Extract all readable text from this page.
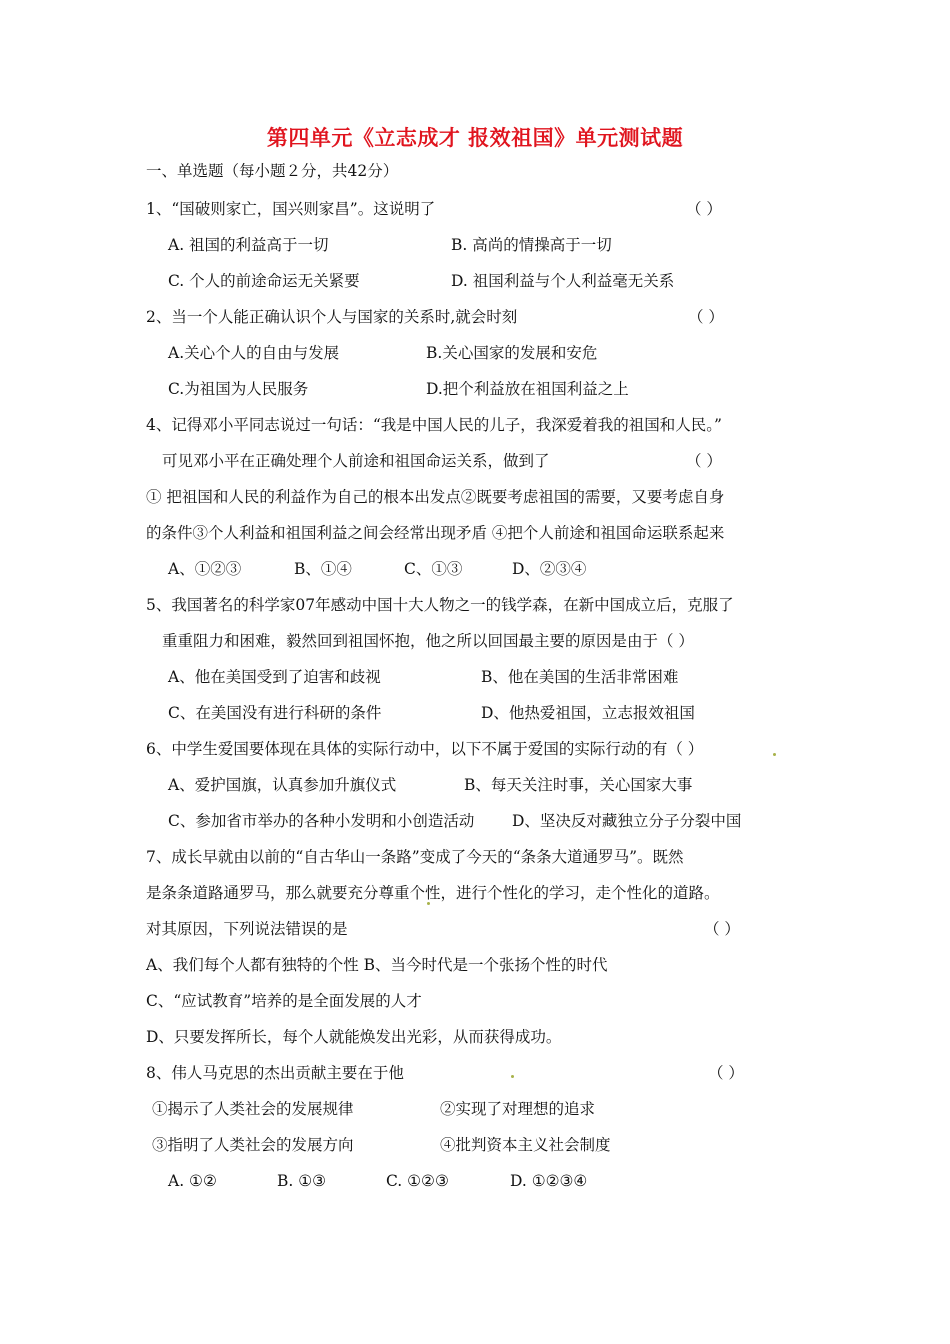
第四单元《立志成才 报效祖国》单元测试题
一、单选题（每小题２分，共42分）
1、“国破则家亡，国兴则家昌”。这说明了	（ ）
A. 祖国的利益高于一切	B. 高尚的情操高于一切
C. 个人的前途命运无关紧要	D. 祖国利益与个人利益毫无关系
2、当一个人能正确认识个人与国家的关系时,就会时刻	（ ）
A.关心个人的自由与发展	B.关心国家的发展和安危
C.为祖国为人民服务	D.把个利益放在祖国利益之上
4、记得邓小平同志说过一句话：“我是中国人民的儿子，我深爱着我的祖国和人民。”
可见邓小平在正确处理个人前途和祖国命运关系，做到了	（ ）
① 把祖国和人民的利益作为自己的根本出发点②既要考虑祖国的需要，又要考虑自身
的条件③个人利益和祖国利益之间会经常出现矛盾 ④把个人前途和祖国命运联系起来
A、①②③	B、①④	C、①③	D、②③④
5、我国著名的科学家07年感动中国十大人物之一的钱学森，在新中国成立后，克服了
重重阻力和困难，毅然回到祖国怀抱，他之所以回国最主要的原因是由于（ ）
A、他在美国受到了迫害和歧视	B、他在美国的生活非常困难
C、在美国没有进行科研的条件	D、他热爱祖国，立志报效祖国
6、中学生爱国要体现在具体的实际行动中，以下不属于爱国的实际行动的有（ ）
A、爱护国旗，认真参加升旗仪式	B、每天关注时事，关心国家大事
C、参加省市举办的各种小发明和小创造活动 D、坚决反对藏独立分子分裂中国
7、成长早就由以前的“自古华山一条路”变成了今天的“条条大道通罗马”。既然
是条条道路通罗马，那么就要充分尊重个性，进行个性化的学习，走个性化的道路。
对其原因，下列说法错误的是	（ ）
A、我们每个人都有独特的个性 B、当今时代是一个张扬个性的时代
C、“应试教育”培养的是全面发展的人才
D、只要发挥所长，每个人就能焕发出光彩，从而获得成功。
8、伟人马克思的杰出贡献主要在于他	（ ）
①揭示了人类社会的发展规律	②实现了对理想的追求
③指明了人类社会的发展方向	④批判资本主义社会制度
A. ①②	B. ①③	C. ①②③	D. ①②③④
